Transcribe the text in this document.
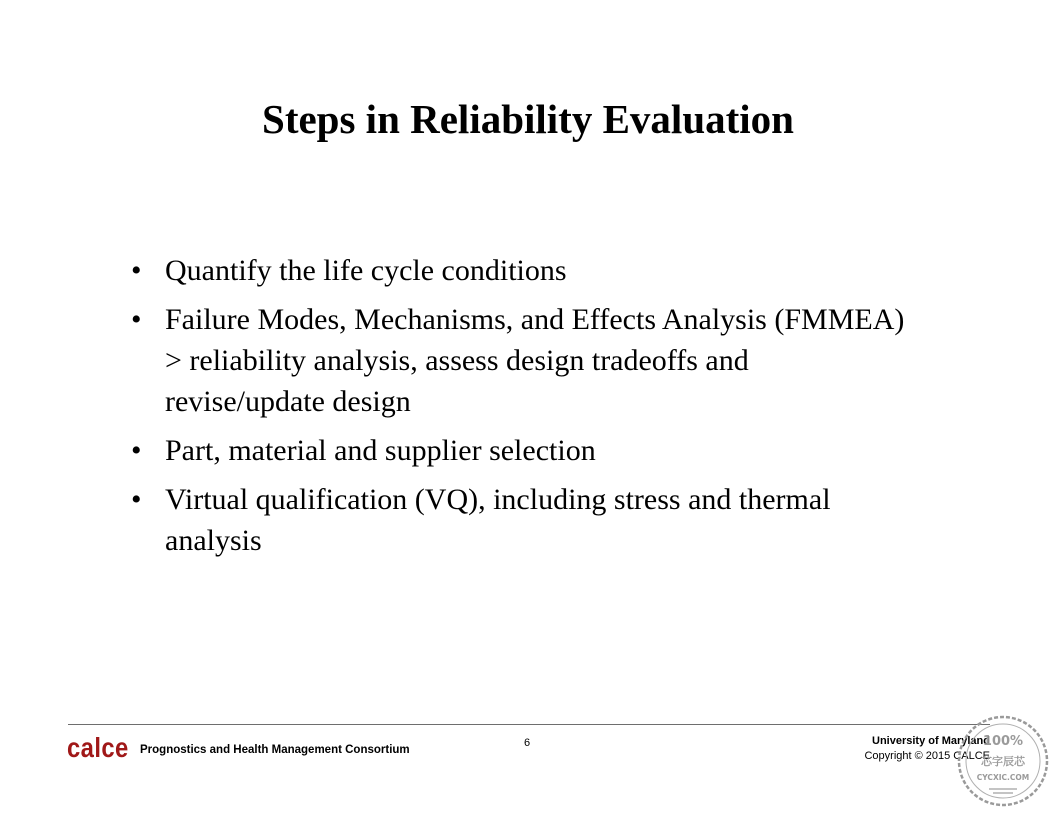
Steps in Reliability Evaluation
• Quantify the life cycle conditions
• Failure Modes, Mechanisms, and Effects Analysis (FMMEA) > reliability analysis, assess design tradeoffs and revise/update design
• Part, material and supplier selection
• Virtual qualification (VQ), including stress and thermal analysis
calce Prognostics and Health Management Consortium
6	University of Maryland
Copyright © 2015 CALCE
100%
芯字辰芯
CYCXIC.COM
